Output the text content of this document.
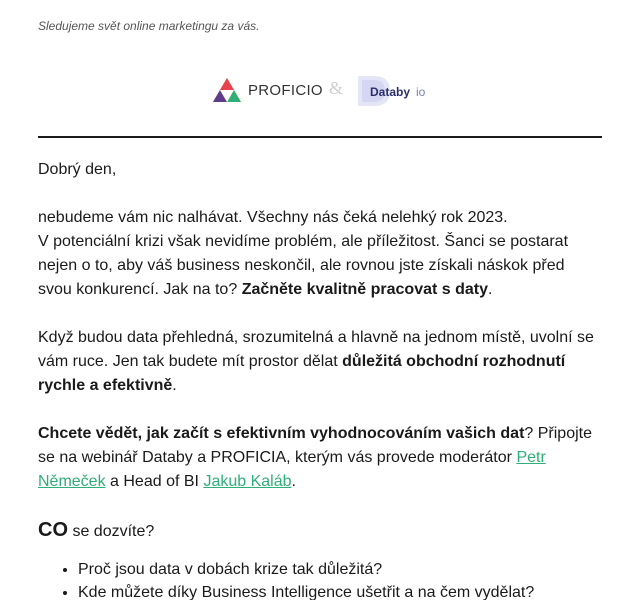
Sledujeme svět online marketingu za vás.
PROFICIO & Databy io

Dobrý den,

nebudeme vám nic nalhávat. Všechny nás čeká nelehký rok 2023.
V potenciální krizi však nevidíme problém, ale příležitost. Šanci se postarat nejen o to, aby váš business neskončil, ale rovnou jste získali náskok před svou konkurencí. Jak na to? Začněte kvalitně pracovat s daty.

Když budou data přehledná, srozumitelná a hlavně na jednom místě, uvolní se vám ruce. Jen tak budete mít prostor dělat důležitá obchodní rozhodnutí rychle a efektivně.

Chcete vědět, jak začít s efektivním vyhodnocováním vašich dat? Připojte se na webinář Databy a PROFICIA, kterým vás provede moderátor Petr Němeček a Head of BI Jakub Kaláb.

CO se dozvíte?
• Proč jsou data v dobách krize tak důležitá?
• Kde můžete díky Business Intelligence ušetřit a na čem vydělat?
